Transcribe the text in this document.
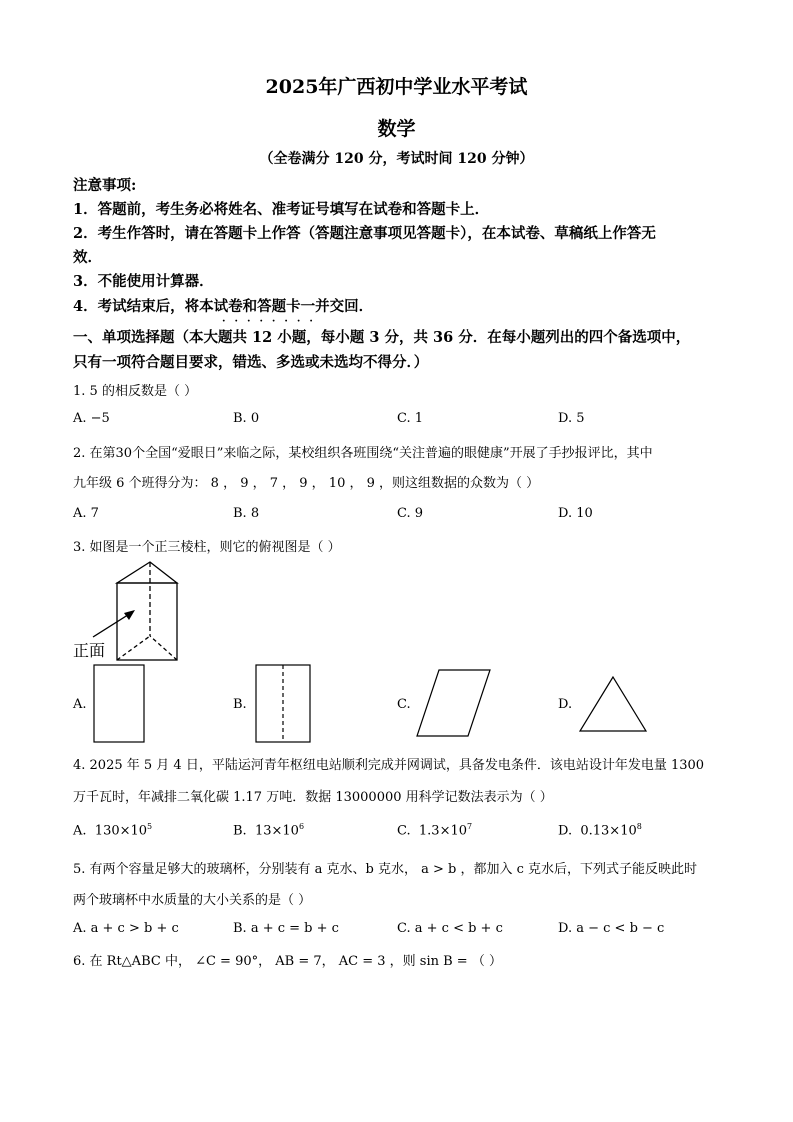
2025年广西初中学业水平考试
数学
（全卷满分 120 分，考试时间 120 分钟）
注意事项:
1．答题前，考生务必将姓名、准考证号填写在试卷和答题卡上．
2．考生作答时，请在答题卡上作答（答题注意事项见答题卡），在本试卷、草稿纸上作答无
效．
3．不能使用计算器．
4．考试结束后，将本试卷和答题卡一并交回．
········
一、单项选择题（本大题共 12 小题，每小题 3 分，共 36 分．在每小题列出的四个备选项中，
只有一项符合题目要求，错选、多选或未选均不得分．）
1. 5 的相反数是（ ）
A. −5	B. 0	C. 1	D. 5
2. 在第30个全国“爱眼日”来临之际，某校组织各班围绕“关注普遍的眼健康”开展了手抄报评比，其中
九年级 6 个班得分为： 8 ， 9 ， 7 ， 9 ， 10 ， 9 ，则这组数据的众数为（ ）
A. 7	B. 8	C. 9	D. 10
3. 如图是一个正三棱柱，则它的俯视图是（ ）
正面
A.	B.	C.	D.
4. 2025 年 5 月 4 日，平陆运河青年枢纽电站顺利完成并网调试，具备发电条件．该电站设计年发电量 1300
万千瓦时，年减排二氧化碳 1.17 万吨．数据 13000000 用科学记数法表示为（ ）
A. $130\times 10^5$	B. $13\times 10^6$	C. $1.3\times 10^7$	D. $0.13\times 10^8$
5. 有两个容量足够大的玻璃杯，分别装有 a 克水、b 克水， a > b ，都加入 c 克水后，下列式子能反映此时
两个玻璃杯中水质量的大小关系的是（ ）
A. a + c > b + c	B. a + c = b + c	C. a + c < b + c	D. a − c < b − c
6. 在 Rt△ABC 中， ∠C = 90°， AB = 7， AC = 3 ，则 sin B = （ ）
